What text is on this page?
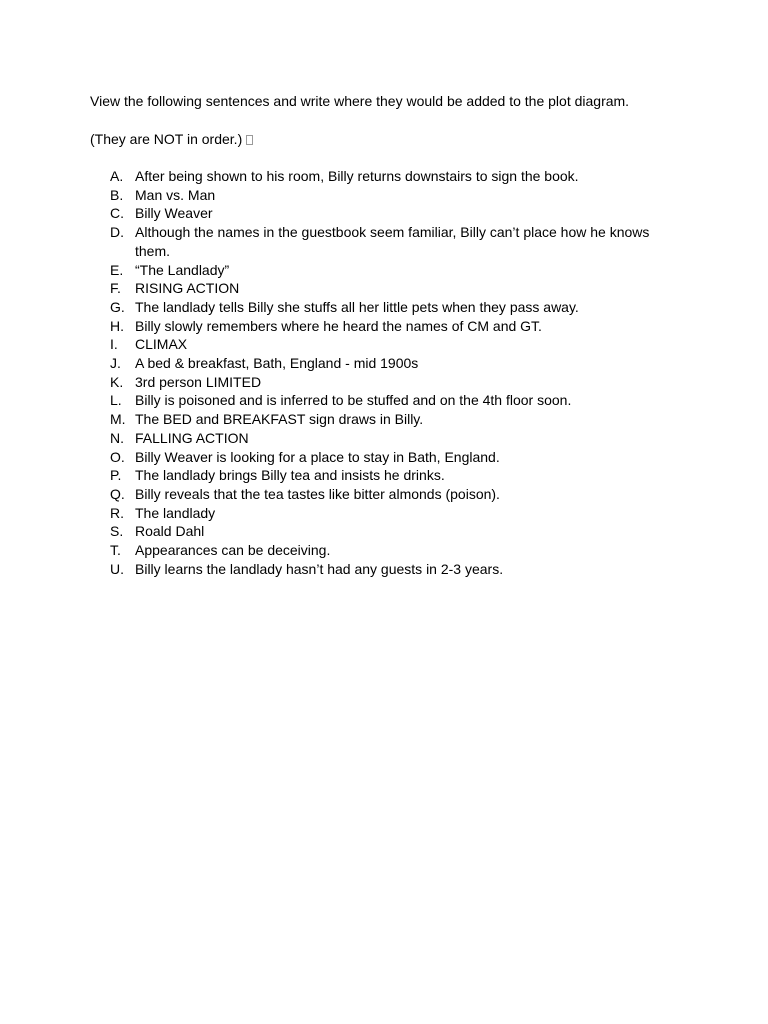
View the following sentences and write where they would be added to the plot diagram.

(They are NOT in order.)

A. After being shown to his room, Billy returns downstairs to sign the book.
B. Man vs. Man
C. Billy Weaver
D. Although the names in the guestbook seem familiar, Billy can’t place how he knows them.
E. “The Landlady”
F.	RISING ACTION
G. The landlady tells Billy she stuffs all her little pets when they pass away.
H. Billy slowly remembers where he heard the names of CM and GT.
I.	CLIMAX
J.	A bed & breakfast, Bath, England - mid 1900s
K. 3rd person LIMITED
L. Billy is poisoned and is inferred to be stuffed and on the 4th floor soon.
M. The BED and BREAKFAST sign draws in Billy.
N. FALLING ACTION
O. Billy Weaver is looking for a place to stay in Bath, England.
P. The landlady brings Billy tea and insists he drinks.
Q. Billy reveals that the tea tastes like bitter almonds (poison).
R. The landlady
S. Roald Dahl
T.	Appearances can be deceiving.
U. Billy learns the landlady hasn’t had any guests in 2-3 years.
